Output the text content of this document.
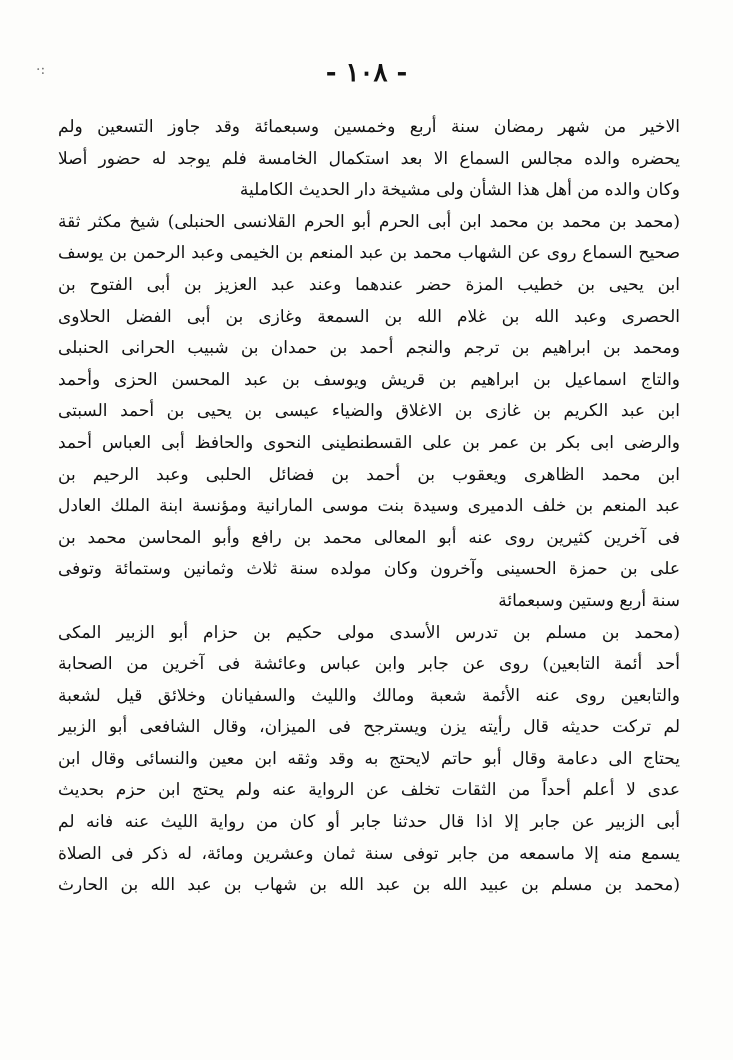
·:	- ١٠٨ -
الاخير من شهر رمضان سنة أربع وخمسين وسبعمائة وقد جاوز التسعين ولم
يحضره والده مجالس السماع الا بعد استكمال الخامسة فلم يوجد له حضور أصلا
وكان والده من أهل هذا الشأن ولى مشيخة دار الحديث الكاملية
(محمد بن محمد بن محمد ابن أبى الحرم أبو الحرم القلانسى الحنبلى) شيخ مكثر ثقة
صحيح السماع روى عن الشهاب محمد بن عبد المنعم بن الخيمى وعبد الرحمن بن يوسف
ابن يحيى بن خطيب المزة حضر عندهما وعند عبد العزيز بن أبى الفتوح بن
الحصرى وعبد الله بن غلام الله بن السمعة وغازى بن أبى الفضل الحلاوى
ومحمد بن ابراهيم بن ترجم والنجم أحمد بن حمدان بن شبيب الحرانى الحنبلى
والتاج اسماعيل بن ابراهيم بن قريش ويوسف بن عبد المحسن الحزى وأحمد
ابن عبد الكريم بن غازى بن الاغلاق والضياء عيسى بن يحيى بن أحمد السبتى
والرضى ابى بكر بن عمر بن على القسطنطينى النحوى والحافظ أبى العباس أحمد
ابن محمد الظاهرى ويعقوب بن أحمد بن فضائل الحلبى وعبد الرحيم بن
عبد المنعم بن خلف الدميرى وسيدة بنت موسى المارانية ومؤنسة ابنة الملك العادل
فى آخرين كثيرين روى عنه أبو المعالى محمد بن رافع وأبو المحاسن محمد بن
على بن حمزة الحسينى وآخرون وكان مولده سنة ثلاث وثمانين وستمائة وتوفى
سنة أربع وستين وسبعمائة
(محمد بن مسلم بن تدرس الأسدى مولى حكيم بن حزام أبو الزبير المكى
أحد أئمة التابعين) روى عن جابر وابن عباس وعائشة فى آخرين من الصحابة
والتابعين روى عنه الأئمة شعبة ومالك والليث والسفيانان وخلائق قيل لشعبة
لم تركت حديثه قال رأيته يزن ويسترجح فى الميزان، وقال الشافعى أبو الزبير
يحتاج الى دعامة وقال أبو حاتم لايحتج به وقد وثقه ابن معين والنسائى وقال ابن
عدى لا أعلم أحداً من الثقات تخلف عن الرواية عنه ولم يحتج ابن حزم بحديث
أبى الزبير عن جابر إلا اذا قال حدثنا جابر أو كان من رواية الليث عنه فانه لم
يسمع منه إلا ماسمعه من جابر توفى سنة ثمان وعشرين ومائة، له ذكر فى الصلاة
(محمد بن مسلم بن عبيد الله بن عبد الله بن شهاب بن عبد الله بن الحارث
